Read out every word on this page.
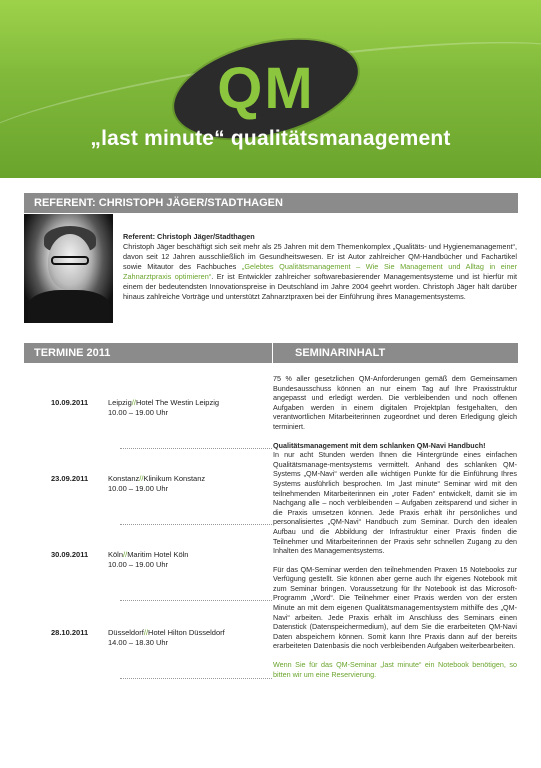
QM
„last minute“ qualitätsmanagement
REFERENT: CHRISTOPH JÄGER/STADTHAGEN
Referent: Christoph Jäger/Stadthagen
Christoph Jäger beschäftigt sich seit mehr als 25 Jahren mit dem Themenkomplex „Qualitäts- und Hygienemanagement“, davon seit 12 Jahren ausschließlich im Gesundheitswesen. Er ist Autor zahlreicher QM-Handbücher und Fachartikel sowie Mitautor des Fachbuches „Gelebtes Qualitätsmanagement – Wie Sie Management und Alltag in einer Zahnarztpraxis optimieren“. Er ist Entwickler zahlreicher softwarebasierender Managementsysteme und ist hierfür mit einem der bedeutendsten Innovationspreise in Deutschland im Jahre 2004 geehrt worden. Christoph Jäger hält darüber hinaus zahlreiche Vorträge und unterstützt Zahnarztpraxen bei der Einführung ihres Managementsystems.
TERMINE 2011	SEMINARINHALT
10.09.2011	Leipzig//Hotel The Westin Leipzig
10.00 – 19.00 Uhr
23.09.2011	Konstanz//Klinikum Konstanz
10.00 – 19.00 Uhr
30.09.2011	Köln//Maritim Hotel Köln
10.00 – 19.00 Uhr
28.10.2011	Düsseldorf//Hotel Hilton Düsseldorf
14.00 – 18.30 Uhr

75 % aller gesetzlichen QM-Anforderungen gemäß dem Gemeinsamen Bundesausschuss können an nur einem Tag auf Ihre Praxisstruktur angepasst und erledigt werden. Die verbleibenden und noch offenen Aufgaben werden in einem digitalen Projektplan festgehalten, den verantwortlichen Mitarbeiterinnen zugeordnet und deren Erledigung gleich terminiert.

Qualitätsmanagement mit dem schlanken QM-Navi Handbuch!
In nur acht Stunden werden Ihnen die Hintergründe eines einfachen Qualitätsmanage-mentsystems vermittelt. Anhand des schlanken QM-Systems „QM-Navi“ werden alle wichtigen Punkte für die Einführung Ihres Systems ausführlich besprochen. Im „last minute“ Seminar wird mit den teilnehmenden Mitarbeiterinnen ein „roter Faden“ entwickelt, damit sie im Nachgang alle – noch verbleibenden – Aufgaben zeitsparend und sicher in die Praxis umsetzen können. Jede Praxis erhält ihr persönliches und personalisiertes „QM-Navi“ Handbuch zum Seminar. Durch den idealen Aufbau und die Abbildung der Infrastruktur einer Praxis finden die Teilnehmer und Mitarbeiterinnen der Praxis sehr schnellen Zugang zu den Inhalten des Managementsystems.

Für das QM-Seminar werden den teilnehmenden Praxen 15 Notebooks zur Verfügung gestellt. Sie können aber gerne auch Ihr eigenes Notebook mit zum Seminar bringen. Voraussetzung für Ihr Notebook ist das Microsoft-Programm „Word“. Die Teilnehmer einer Praxis werden von der ersten Minute an mit dem eigenen Qualitätsmanagementsystem mithilfe des „QM-Navi“ arbeiten. Jede Praxis erhält im Anschluss des Seminars einen Datenstick (Datenspeichermedium), auf dem Sie die erarbeiteten QM-Navi Daten abspeichern können. Somit kann Ihre Praxis dann auf der bereits erarbeiteten Datenbasis die noch verbleibenden Aufgaben weiterbearbeiten.

Wenn Sie für das QM-Seminar „last minute“ ein Notebook benötigen, so bitten wir um eine Reservierung.
